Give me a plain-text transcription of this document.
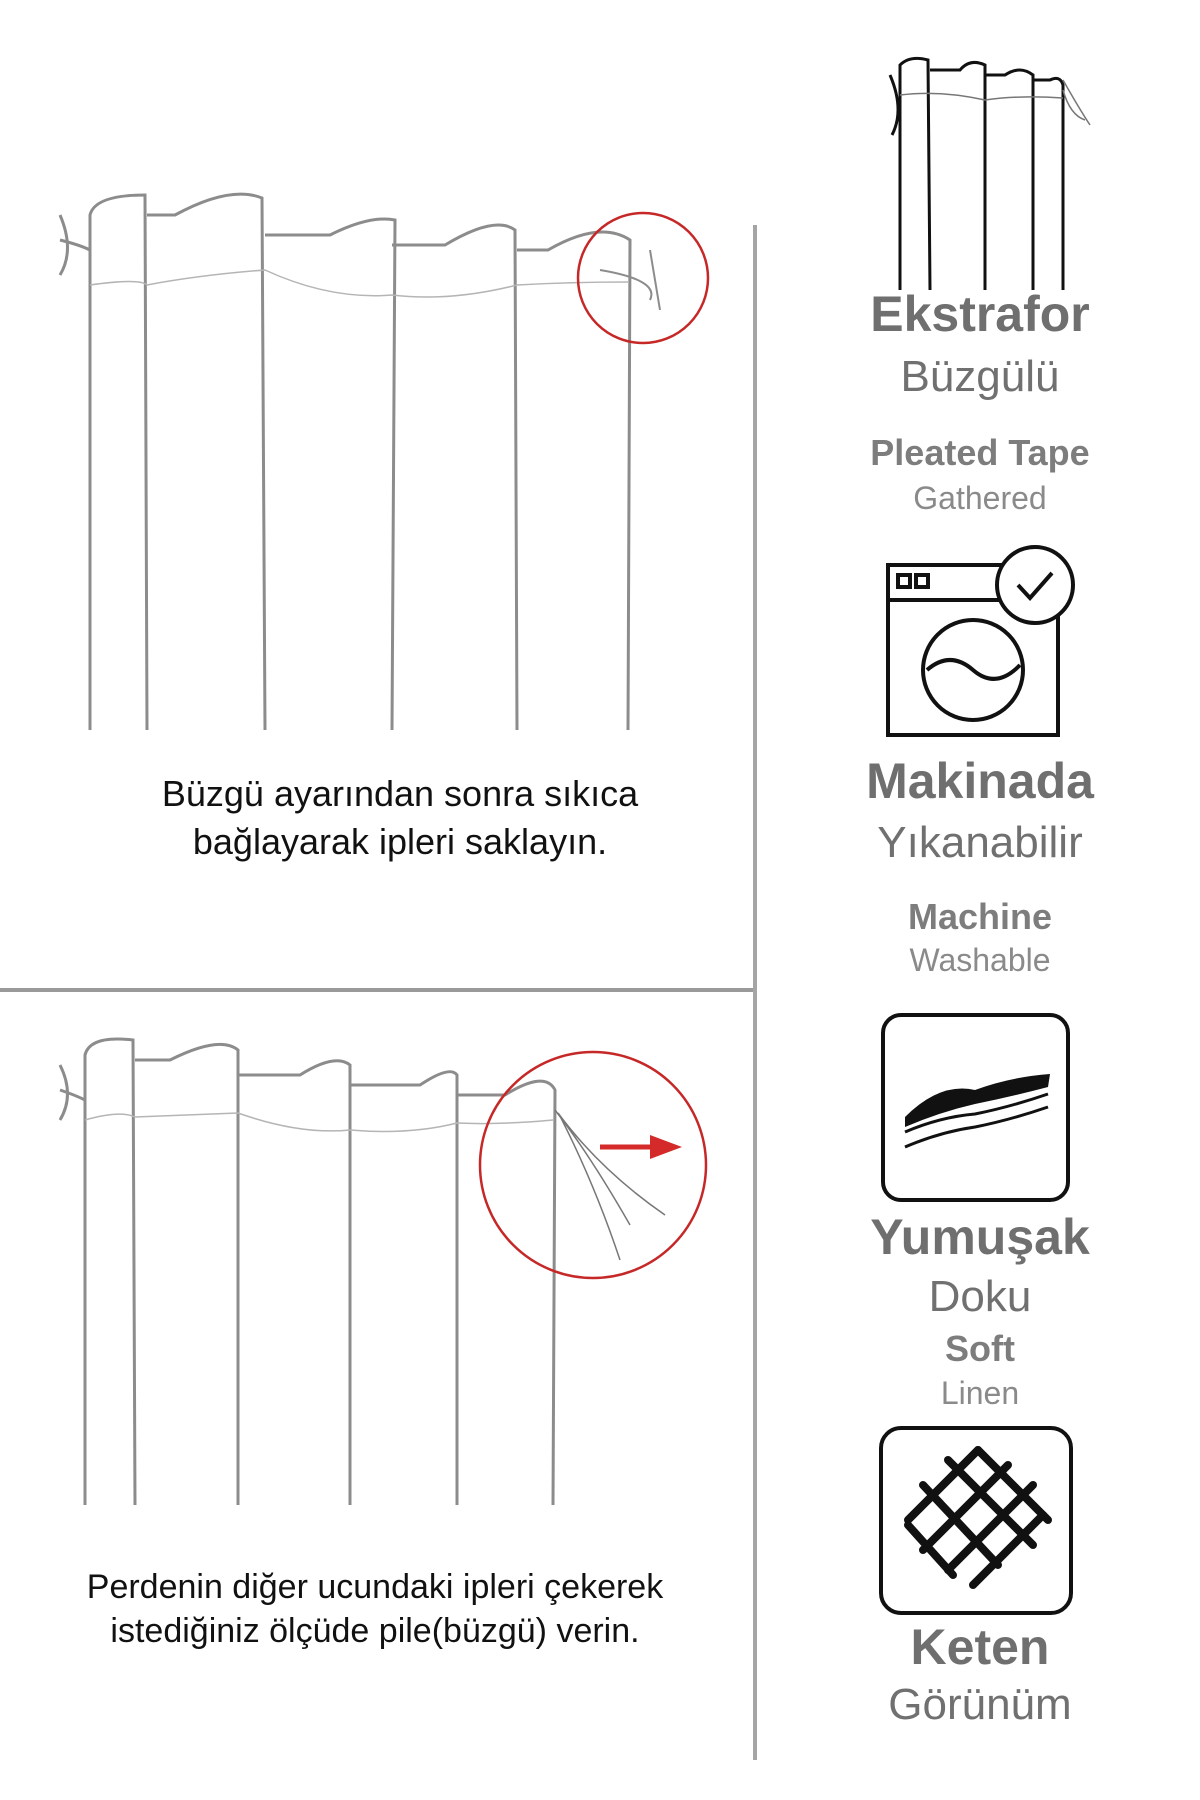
Büzgü ayarından sonra sıkıca
bağlayarak ipleri saklayın.
Perdenin diğer ucundaki ipleri çekerek
istediğiniz ölçüde pile(büzgü) verin.
Ekstrafor
Büzgülü
Pleated Tape
Gathered
Makinada
Yıkanabilir
Machine
Washable
Yumuşak
Doku
Soft
Linen
Keten
Görünüm
